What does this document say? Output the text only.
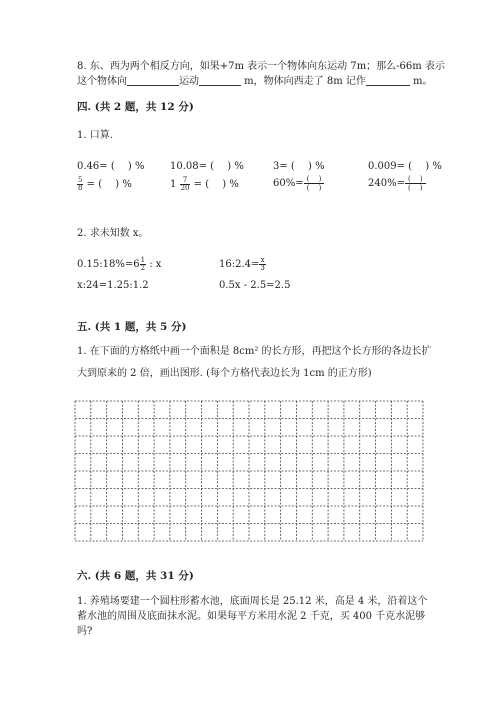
8. 东、西为两个相反方向，如果+7m 表示一个物体向东运动 7m；那么-66m 表示
这个物体向	运动	m，物体向西走了 8m 记作	m。
四. (共 2 题，共 12 分)
1. 口算.
0.46= (　 ) %	10.08= (　 ) %	3= (　 ) %	0.009= (　 ) %
$\frac{5}{8}$ = (　 ) %	$1 \frac{7}{20}$ = (　 ) %	$60\%= \frac{( )}{( )}$	$240\%= \frac{( )}{( )}$
2. 求未知数 x。
0.15:18%=6 $\frac{1}{2}$ : x	16:2.4= $\frac{x}{3}$
x:24=1.25:1.2	0.5x - 2.5=2.5
五. (共 1 题，共 5 分)
1. 在下面的方格纸中画一个面积是 8cm² 的长方形，再把这个长方形的各边长扩
大到原来的 2 倍，画出图形. (每个方格代表边长为 1cm 的正方形)
六. (共 6 题，共 31 分)
1. 养殖场要建一个圆柱形蓄水池，底面周长是 25.12 米，高是 4 米，沿着这个
蓄水池的周围及底面抹水泥。如果每平方米用水泥 2 千克，买 400 千克水泥够
吗?
